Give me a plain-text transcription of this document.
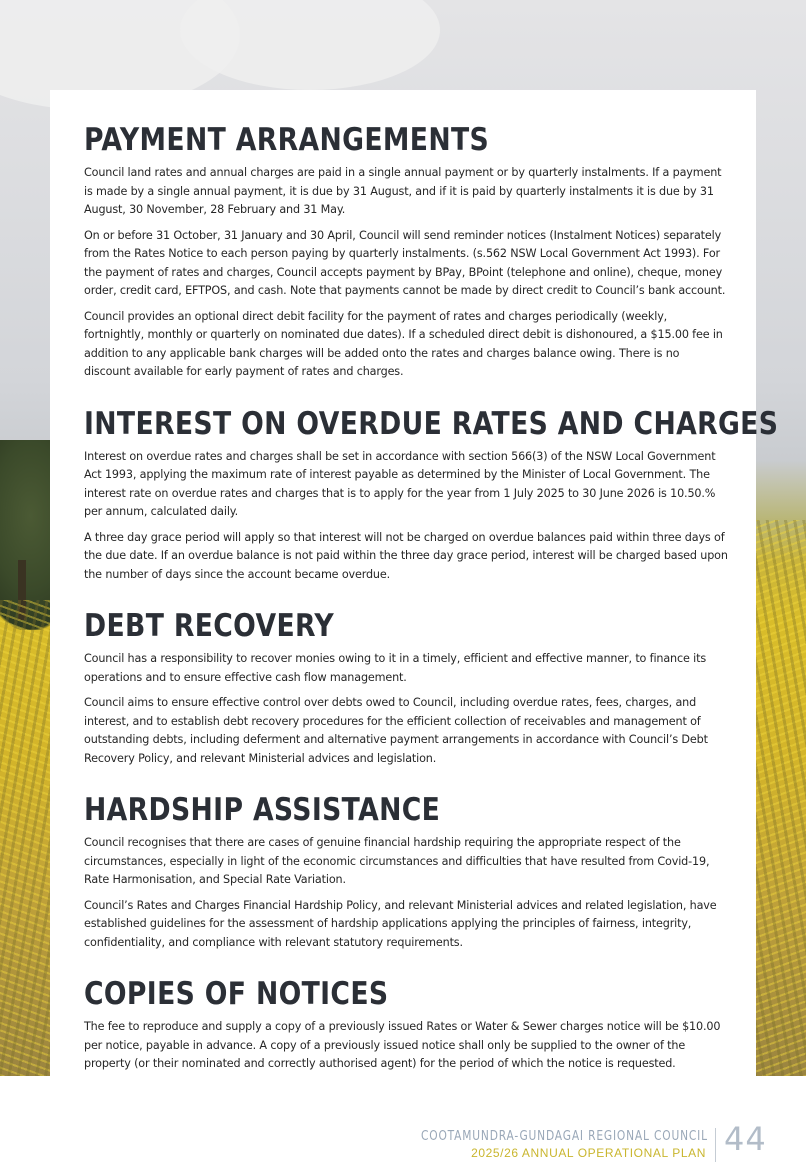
PAYMENT ARRANGEMENTS

Council land rates and annual charges are paid in a single annual payment or by quarterly instalments. If a payment is made by a single annual payment, it is due by 31 August, and if it is paid by quarterly instalments it is due by 31 August, 30 November, 28 February and 31 May.

On or before 31 October, 31 January and 30 April, Council will send reminder notices (Instalment Notices) separately from the Rates Notice to each person paying by quarterly instalments. (s.562 NSW Local Government Act 1993). For the payment of rates and charges, Council accepts payment by BPay, BPoint (telephone and online), cheque, money order, credit card, EFTPOS, and cash. Note that payments cannot be made by direct credit to Council’s bank account.

Council provides an optional direct debit facility for the payment of rates and charges periodically (weekly, fortnightly, monthly or quarterly on nominated due dates). If a scheduled direct debit is dishonoured, a $15.00 fee in addition to any applicable bank charges will be added onto the rates and charges balance owing. There is no discount available for early payment of rates and charges.

INTEREST ON OVERDUE RATES AND CHARGES

Interest on overdue rates and charges shall be set in accordance with section 566(3) of the NSW Local Government Act 1993, applying the maximum rate of interest payable as determined by the Minister of Local Government. The interest rate on overdue rates and charges that is to apply for the year from 1 July 2025 to 30 June 2026 is 10.50.% per annum, calculated daily.

A three day grace period will apply so that interest will not be charged on overdue balances paid within three days of the due date. If an overdue balance is not paid within the three day grace period, interest will be charged based upon the number of days since the account became overdue.

DEBT RECOVERY

Council has a responsibility to recover monies owing to it in a timely, efficient and effective manner, to finance its operations and to ensure effective cash flow management.

Council aims to ensure effective control over debts owed to Council, including overdue rates, fees, charges, and interest, and to establish debt recovery procedures for the efficient collection of receivables and management of outstanding debts, including deferment and alternative payment arrangements in accordance with Council’s Debt Recovery Policy, and relevant Ministerial advices and legislation.

HARDSHIP ASSISTANCE

Council recognises that there are cases of genuine financial hardship requiring the appropriate respect of the circumstances, especially in light of the economic circumstances and difficulties that have resulted from Covid-19, Rate Harmonisation, and Special Rate Variation.

Council’s Rates and Charges Financial Hardship Policy, and relevant Ministerial advices and related legislation, have established guidelines for the assessment of hardship applications applying the principles of fairness, integrity, confidentiality, and compliance with relevant statutory requirements.

COPIES OF NOTICES

The fee to reproduce and supply a copy of a previously issued Rates or Water & Sewer charges notice will be $10.00 per notice, payable in advance. A copy of a previously issued notice shall only be supplied to the owner of the property (or their nominated and correctly authorised agent) for the period of which the notice is requested.

COOTAMUNDRA-GUNDAGAI REGIONAL COUNCIL
2025/26 ANNUAL OPERATIONAL PLAN 44
